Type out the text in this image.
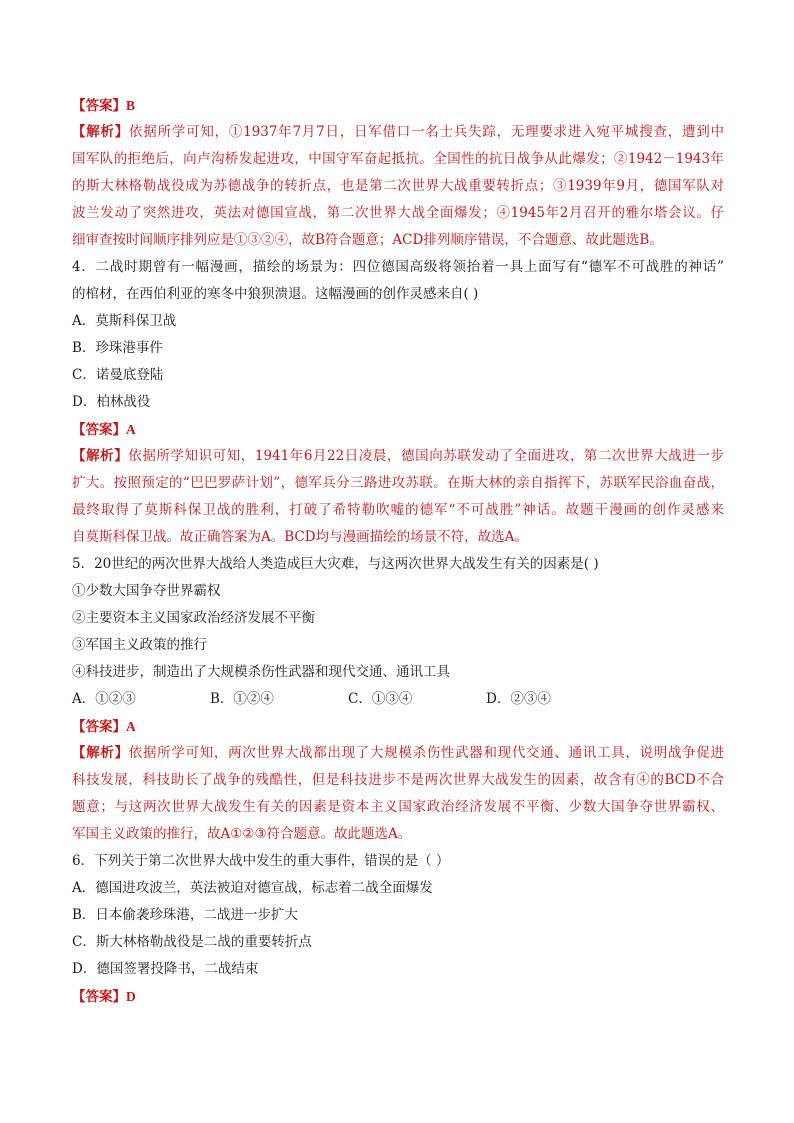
【答案】B
【解析】依据所学可知，①1937年7月7日，日军借口一名士兵失踪，无理要求进入宛平城搜查，遭到中
国军队的拒绝后，向卢沟桥发起进攻，中国守军奋起抵抗。全国性的抗日战争从此爆发；②1942－1943年
的斯大林格勒战役成为苏德战争的转折点，也是第二次世界大战重要转折点；③1939年9月，德国军队对
波兰发动了突然进攻，英法对德国宣战，第二次世界大战全面爆发；④1945年2月召开的雅尔塔会议。仔
细审查按时间顺序排列应是①③②④，故B符合题意；ACD排列顺序错误，不合题意、故此题选B。
4．二战时期曾有一幅漫画，描绘的场景为：四位德国高级将领抬着一具上面写有“德军不可战胜的神话”
的棺材，在西伯利亚的寒冬中狼狈溃退。这幅漫画的创作灵感来自( )
A．莫斯科保卫战
B．珍珠港事件
C．诺曼底登陆
D．柏林战役
【答案】A
【解析】依据所学知识可知，1941年6月22日凌晨，德国向苏联发动了全面进攻，第二次世界大战进一步
扩大。按照预定的“巴巴罗萨计划”，德军兵分三路进攻苏联。在斯大林的亲自指挥下，苏联军民浴血奋战，
最终取得了莫斯科保卫战的胜利，打破了希特勒吹嘘的德军“不可战胜”神话。故题干漫画的创作灵感来
自莫斯科保卫战。故正确答案为A。BCD均与漫画描绘的场景不符，故选A。
5．20世纪的两次世界大战给人类造成巨大灾难，与这两次世界大战发生有关的因素是( )
①少数大国争夺世界霸权
②主要资本主义国家政治经济发展不平衡
③军国主义政策的推行
④科技进步，制造出了大规模杀伤性武器和现代交通、通讯工具
A．①②③	B．①②④	C．①③④	D．②③④
【答案】A
【解析】依据所学可知，两次世界大战都出现了大规模杀伤性武器和现代交通、通讯工具，说明战争促进
科技发展，科技助长了战争的残酷性，但是科技进步不是两次世界大战发生的因素，故含有④的BCD不合
题意；与这两次世界大战发生有关的因素是资本主义国家政治经济发展不平衡、少数大国争夺世界霸权、
军国主义政策的推行，故A①②③符合题意。故此题选A。
6．下列关于第二次世界大战中发生的重大事件，错误的是（ ）
A．德国进攻波兰，英法被迫对德宣战，标志着二战全面爆发
B．日本偷袭珍珠港，二战进一步扩大
C．斯大林格勒战役是二战的重要转折点
D．德国签署投降书，二战结束
【答案】D
